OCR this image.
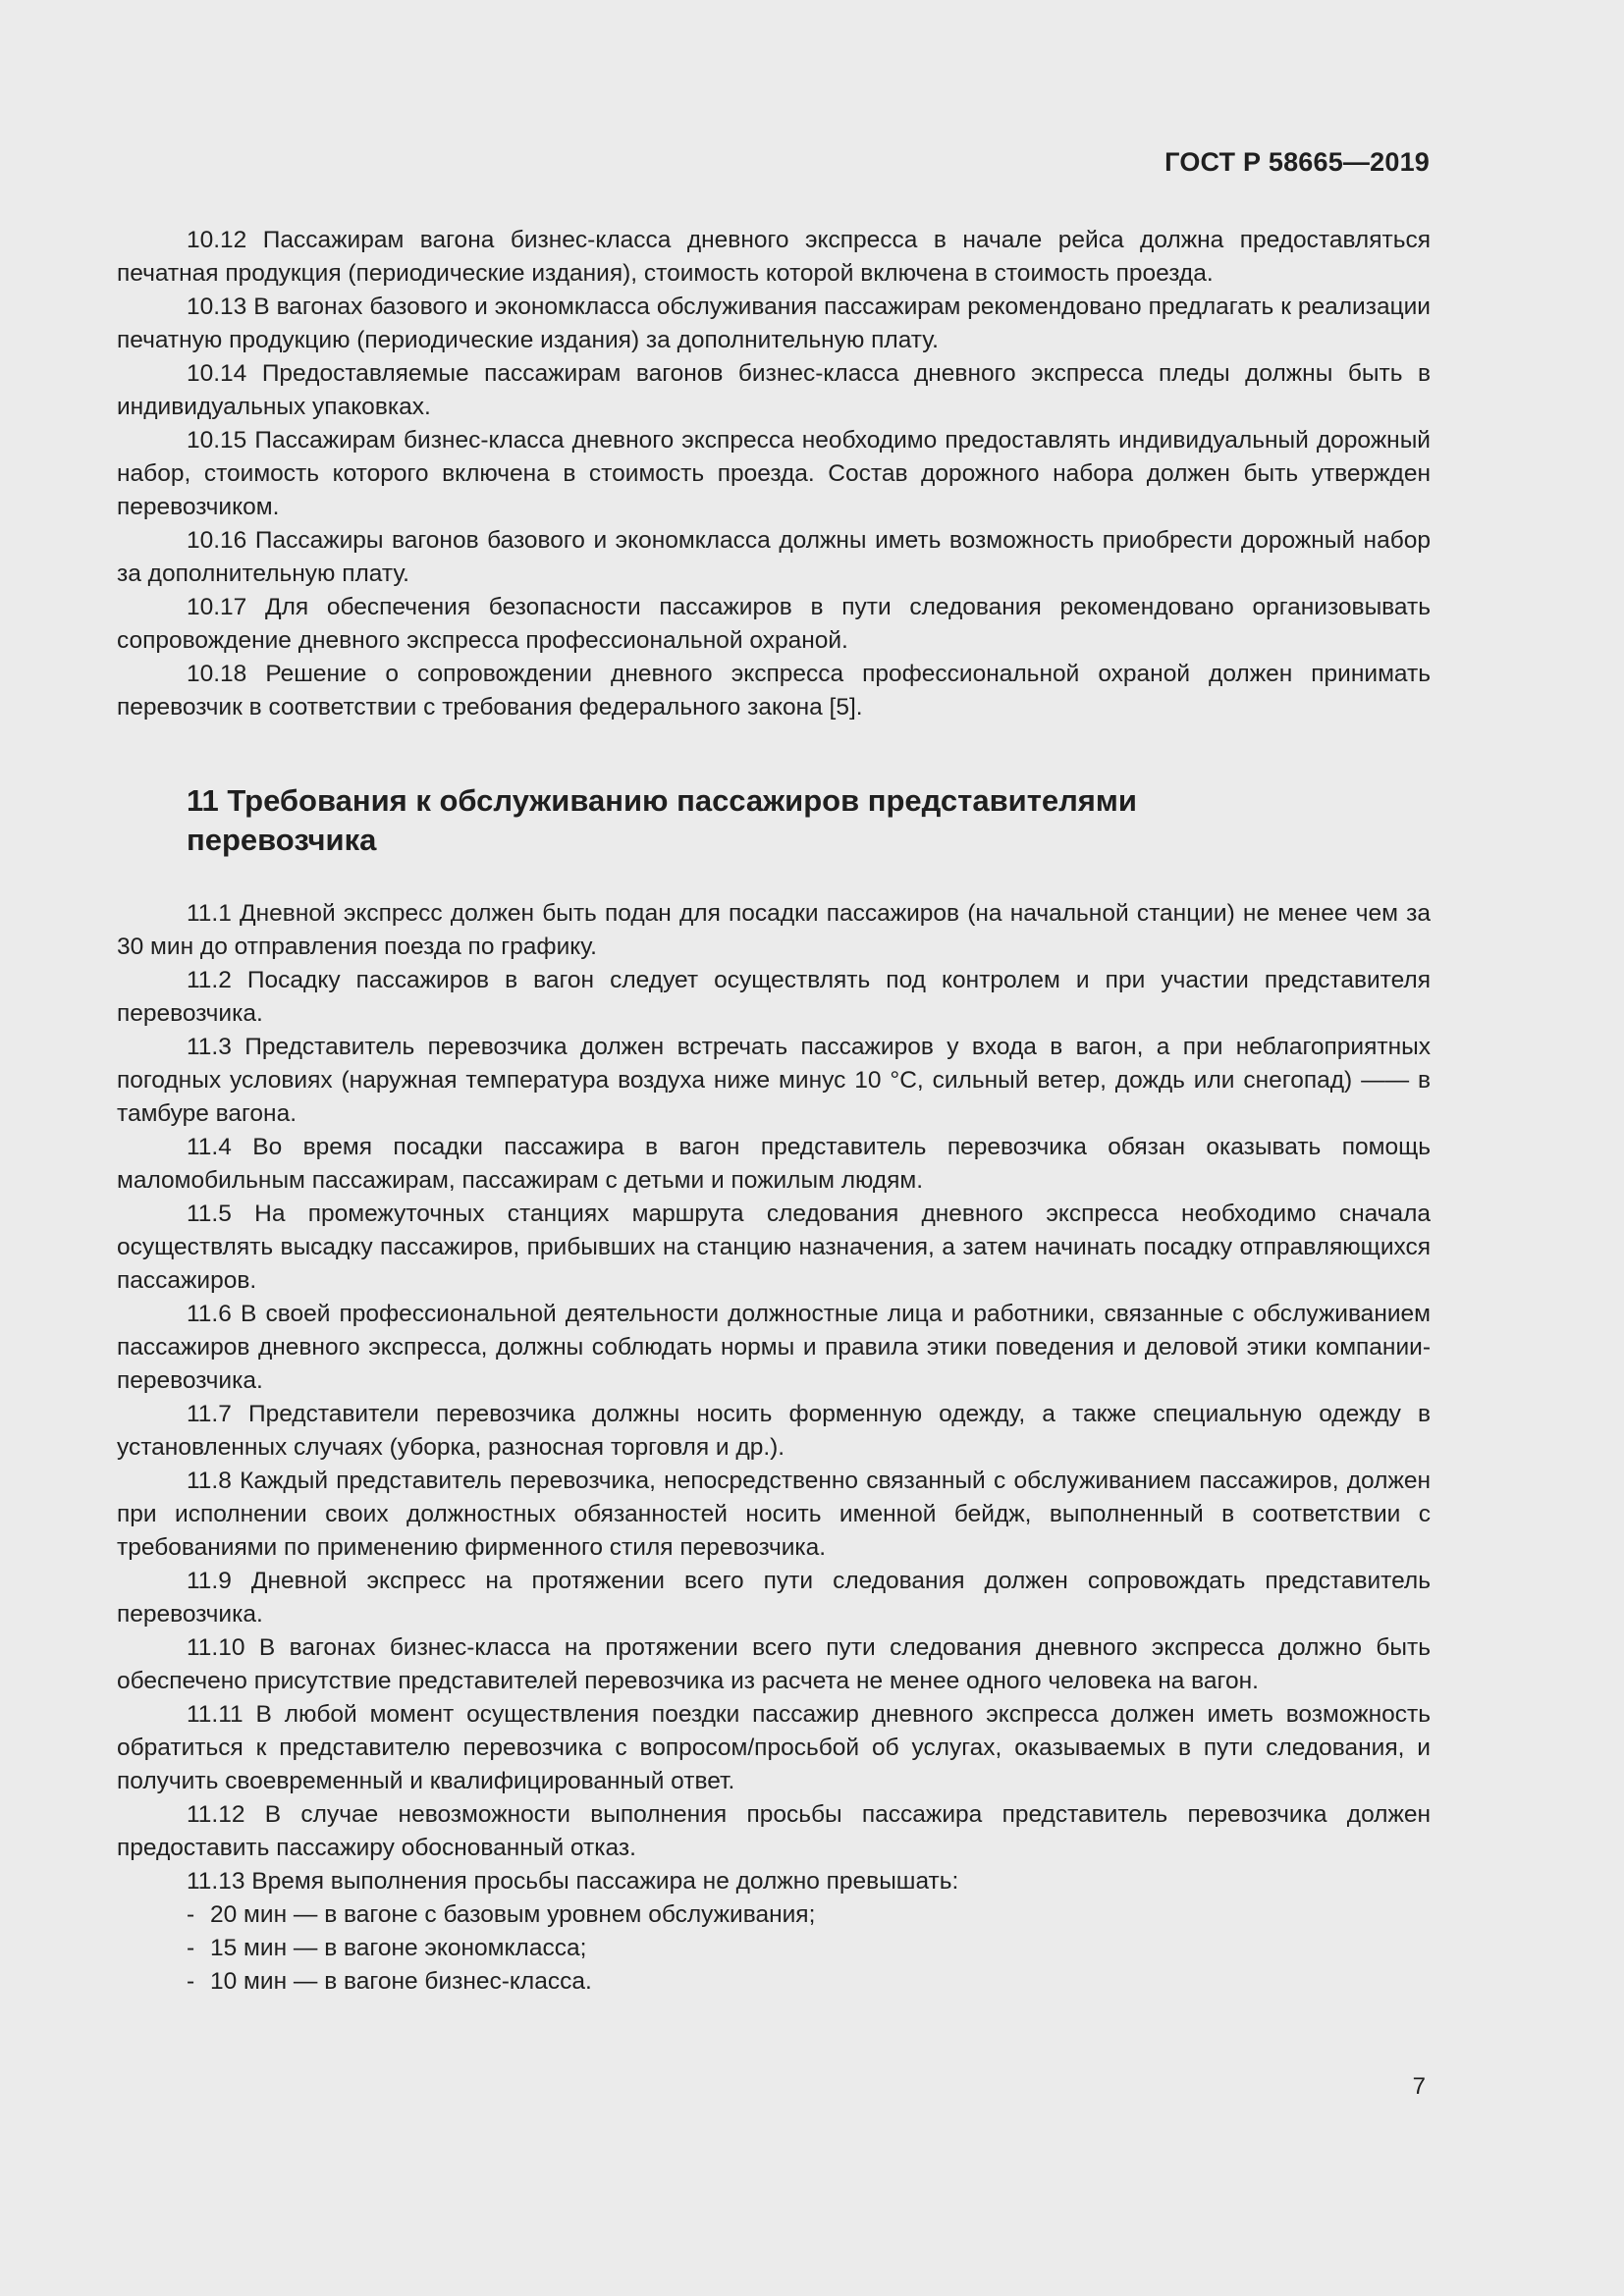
ГОСТ Р 58665—2019

10.12 Пассажирам вагона бизнес-класса дневного экспресса в начале рейса должна предоставляться печатная продукция (периодические издания), стоимость которой включена в стоимость проезда.

10.13 В вагонах базового и экономкласса обслуживания пассажирам рекомендовано предлагать к реализации печатную продукцию (периодические издания) за дополнительную плату.

10.14 Предоставляемые пассажирам вагонов бизнес-класса дневного экспресса пледы должны быть в индивидуальных упаковках.

10.15 Пассажирам бизнес-класса дневного экспресса необходимо предоставлять индивидуальный дорожный набор, стоимость которого включена в стоимость проезда. Состав дорожного набора должен быть утвержден перевозчиком.

10.16 Пассажиры вагонов базового и экономкласса должны иметь возможность приобрести дорожный набор за дополнительную плату.

10.17 Для обеспечения безопасности пассажиров в пути следования рекомендовано организовывать сопровождение дневного экспресса профессиональной охраной.

10.18 Решение о сопровождении дневного экспресса профессиональной охраной должен принимать перевозчик в соответствии с требования федерального закона [5].

11 Требования к обслуживанию пассажиров представителями
перевозчика

11.1 Дневной экспресс должен быть подан для посадки пассажиров (на начальной станции) не менее чем за 30 мин до отправления поезда по графику.

11.2 Посадку пассажиров в вагон следует осуществлять под контролем и при участии представителя перевозчика.

11.3 Представитель перевозчика должен встречать пассажиров у входа в вагон, а при неблагоприятных погодных условиях (наружная температура воздуха ниже минус 10 °С, сильный ветер, дождь или снегопад) —— в тамбуре вагона.

11.4 Во время посадки пассажира в вагон представитель перевозчика обязан оказывать помощь маломобильным пассажирам, пассажирам с детьми и пожилым людям.

11.5 На промежуточных станциях маршрута следования дневного экспресса необходимо сначала осуществлять высадку пассажиров, прибывших на станцию назначения, а затем начинать посадку отправляющихся пассажиров.

11.6 В своей профессиональной деятельности должностные лица и работники, связанные с обслуживанием пассажиров дневного экспресса, должны соблюдать нормы и правила этики поведения и деловой этики компании-перевозчика.

11.7 Представители перевозчика должны носить форменную одежду, а также специальную одежду в установленных случаях (уборка, разносная торговля и др.).

11.8 Каждый представитель перевозчика, непосредственно связанный с обслуживанием пассажиров, должен при исполнении своих должностных обязанностей носить именной бейдж, выполненный в соответствии с требованиями по применению фирменного стиля перевозчика.

11.9 Дневной экспресс на протяжении всего пути следования должен сопровождать представитель перевозчика.

11.10 В вагонах бизнес-класса на протяжении всего пути следования дневного экспресса должно быть обеспечено присутствие представителей перевозчика из расчета не менее одного человека на вагон.

11.11 В любой момент осуществления поездки пассажир дневного экспресса должен иметь возможность обратиться к представителю перевозчика с вопросом/просьбой об услугах, оказываемых в пути следования, и получить своевременный и квалифицированный ответ.

11.12 В случае невозможности выполнения просьбы пассажира представитель перевозчика должен предоставить пассажиру обоснованный отказ.

11.13 Время выполнения просьбы пассажира не должно превышать:

- 20 мин — в вагоне с базовым уровнем обслуживания;
- 15 мин — в вагоне экономкласса;
- 10 мин — в вагоне бизнес-класса.
7
